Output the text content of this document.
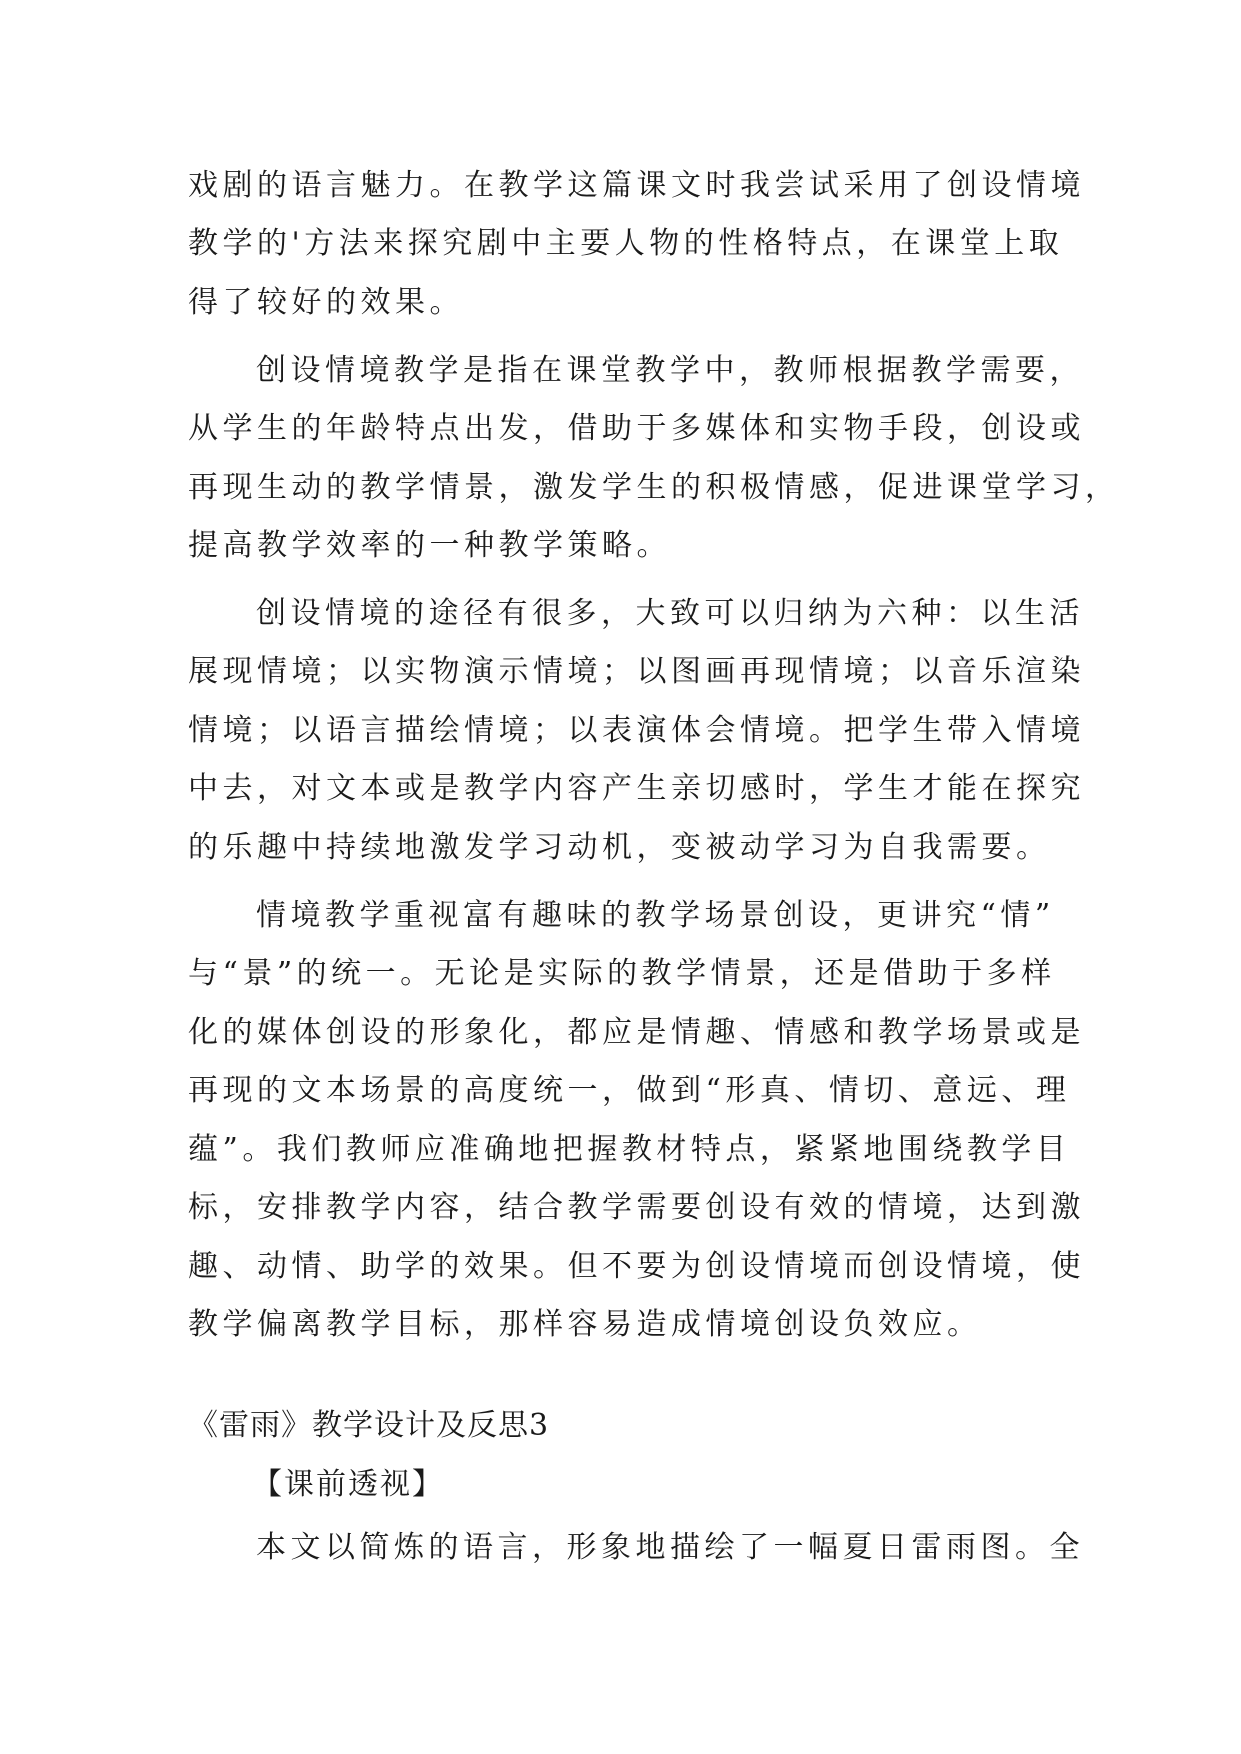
戏剧的语言魅力。在教学这篇课文时我尝试采用了创设情境
教学的'方法来探究剧中主要人物的性格特点，在课堂上取
得了较好的效果。
创设情境教学是指在课堂教学中，教师根据教学需要，
从学生的年龄特点出发，借助于多媒体和实物手段，创设或
再现生动的教学情景，激发学生的积极情感，促进课堂学习，
提高教学效率的一种教学策略。
创设情境的途径有很多，大致可以归纳为六种：以生活
展现情境；以实物演示情境；以图画再现情境；以音乐渲染
情境；以语言描绘情境；以表演体会情境。把学生带入情境
中去，对文本或是教学内容产生亲切感时，学生才能在探究
的乐趣中持续地激发学习动机，变被动学习为自我需要。
情境教学重视富有趣味的教学场景创设，更讲究“情”
与“景”的统一。无论是实际的教学情景，还是借助于多样
化的媒体创设的形象化，都应是情趣、情感和教学场景或是
再现的文本场景的高度统一，做到“形真、情切、意远、理
蕴”。我们教师应准确地把握教材特点，紧紧地围绕教学目
标，安排教学内容，结合教学需要创设有效的情境，达到激
趣、动情、助学的效果。但不要为创设情境而创设情境，使
教学偏离教学目标，那样容易造成情境创设负效应。
《雷雨》教学设计及反思3
【课前透视】
本文以简炼的语言，形象地描绘了一幅夏日雷雨图。全
